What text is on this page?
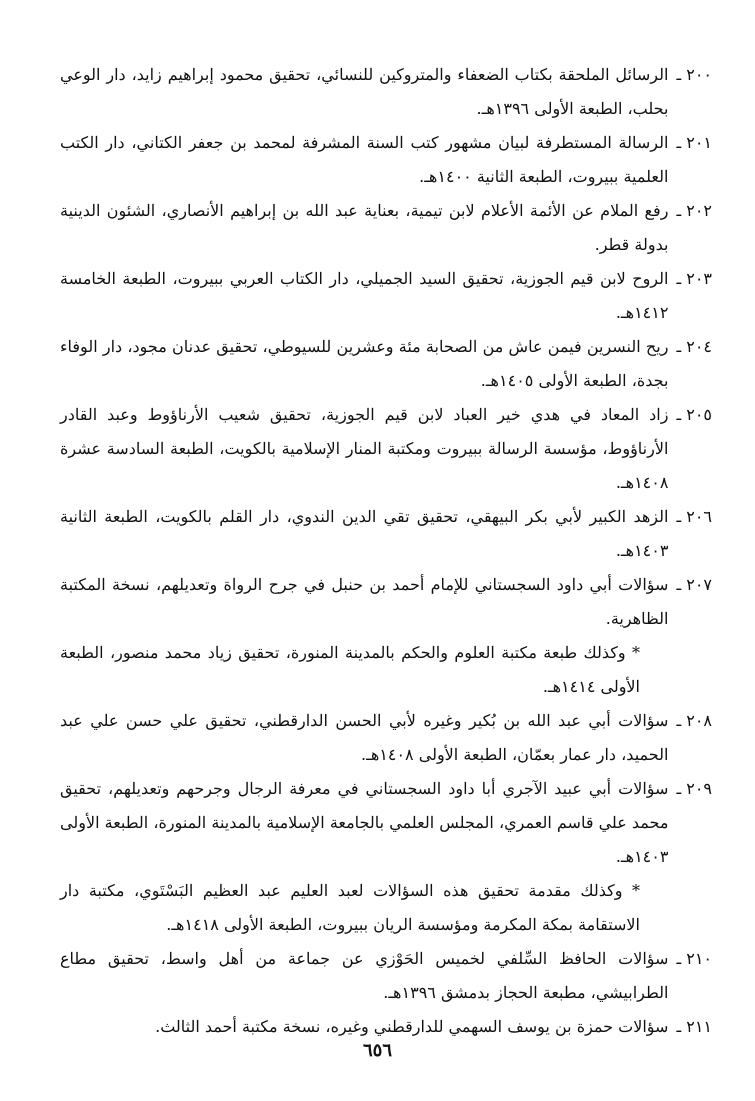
٢٠٠ ـ
الرسائل الملحقة بكتاب الضعفاء والمتروكين للنسائي، تحقيق محمود إبراهيم زايد، دار الوعي بحلب، الطبعة الأولى ١٣٩٦هـ.
٢٠١ ـ
الرسالة المستطرفة لبيان مشهور كتب السنة المشرفة لمحمد بن جعفر الكتاني، دار الكتب العلمية ببيروت، الطبعة الثانية ١٤٠٠هـ.
٢٠٢ ـ
رفع الملام عن الأئمة الأعلام لابن تيمية، بعناية عبد الله بن إبراهيم الأنصاري، الشئون الدينية بدولة قطر.
٢٠٣ ـ
الروح لابن قيم الجوزية، تحقيق السيد الجميلي، دار الكتاب العربي ببيروت، الطبعة الخامسة ١٤١٢هـ.
٢٠٤ ـ
ريح النسرين فيمن عاش من الصحابة مئة وعشرين للسيوطي، تحقيق عدنان مجود، دار الوفاء بجدة، الطبعة الأولى ١٤٠٥هـ.
٢٠٥ ـ
زاد المعاد في هدي خير العباد لابن قيم الجوزية، تحقيق شعيب الأرناؤوط وعبد القادر الأرناؤوط، مؤسسة الرسالة ببيروت ومكتبة المنار الإسلامية بالكويت، الطبعة السادسة عشرة ١٤٠٨هـ.
٢٠٦ ـ
الزهد الكبير لأبي بكر البيهقي، تحقيق تقي الدين الندوي، دار القلم بالكويت، الطبعة الثانية ١٤٠٣هـ.
٢٠٧ ـ
سؤالات أبي داود السجستاني للإمام أحمد بن حنبل في جرح الرواة وتعديلهم، نسخة المكتبة الظاهرية.
* وكذلك طبعة مكتبة العلوم والحكم بالمدينة المنورة، تحقيق زياد محمد منصور، الطبعة الأولى ١٤١٤هـ.
٢٠٨ ـ
سؤالات أبي عبد الله بن بُكير وغيره لأبي الحسن الدارقطني، تحقيق علي حسن علي عبد الحميد، دار عمار بعمّان، الطبعة الأولى ١٤٠٨هـ.
٢٠٩ ـ
سؤالات أبي عبيد الآجري أبا داود السجستاني في معرفة الرجال وجرحهم وتعديلهم، تحقيق محمد علي قاسم العمري، المجلس العلمي بالجامعة الإسلامية بالمدينة المنورة، الطبعة الأولى ١٤٠٣هـ.
* وكذلك مقدمة تحقيق هذه السؤالات لعبد العليم عبد العظيم البَسْتَوي، مكتبة دار الاستقامة بمكة المكرمة ومؤسسة الريان ببيروت، الطبعة الأولى ١٤١٨هـ.
٢١٠ ـ
سؤالات الحافظ السِّلفي لخميس الحَوْزي عن جماعة من أهل واسط، تحقيق مطاع الطرابيشي، مطبعة الحجاز بدمشق ١٣٩٦هـ.
٢١١ ـ
سؤالات حمزة بن يوسف السهمي للدارقطني وغيره، نسخة مكتبة أحمد الثالث.
٦٥٦
